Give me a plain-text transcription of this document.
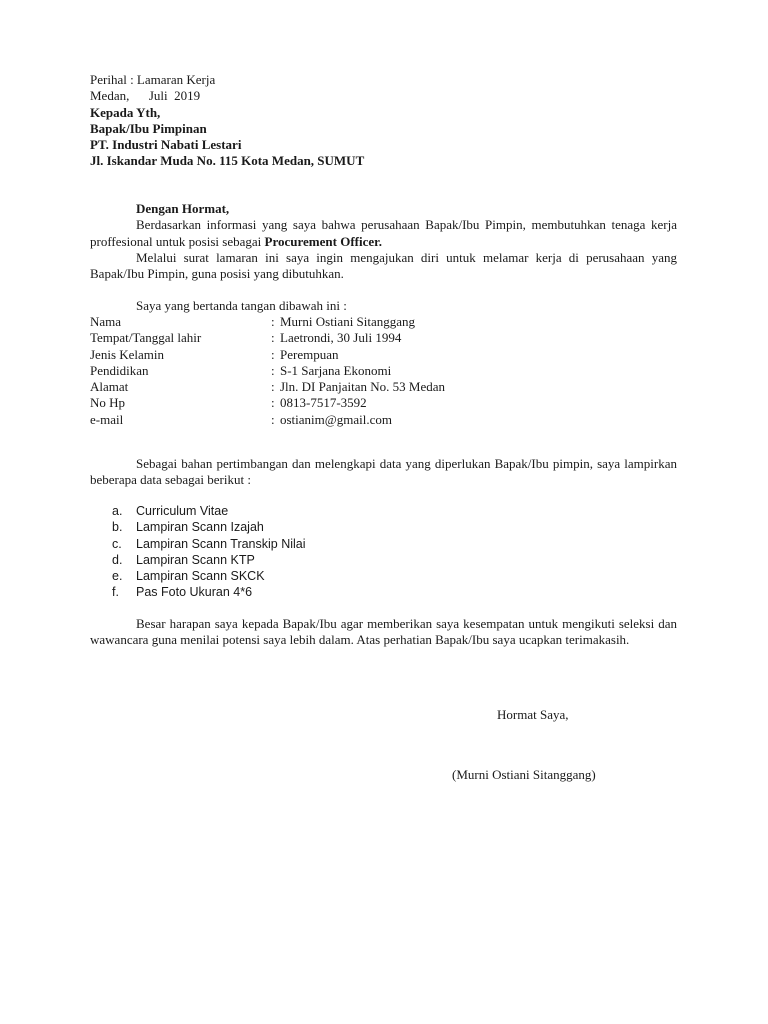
Perihal : Lamaran Kerja
Medan,      Juli  2019
Kepada Yth,
Bapak/Ibu Pimpinan
PT. Industri Nabati Lestari
Jl. Iskandar Muda No. 115 Kota Medan, SUMUT
Dengan Hormat,
Berdasarkan informasi yang saya bahwa perusahaan Bapak/Ibu Pimpin, membutuhkan tenaga kerja proffesional untuk posisi sebagai Procurement Officer.
Melalui surat lamaran ini saya ingin mengajukan diri untuk melamar kerja di perusahaan yang Bapak/Ibu Pimpin, guna posisi yang dibutuhkan.
Saya yang bertanda tangan dibawah ini :
Nama	: Murni Ostiani Sitanggang
Tempat/Tanggal lahir	: Laetrondi, 30 Juli 1994
Jenis Kelamin	: Perempuan
Pendidikan	: S-1 Sarjana Ekonomi
Alamat	: Jln. DI Panjaitan No. 53 Medan
No Hp	: 0813-7517-3592
e-mail	: ostianim@gmail.com
Sebagai bahan pertimbangan dan melengkapi data yang diperlukan Bapak/Ibu pimpin, saya lampirkan beberapa data sebagai berikut :
a. Curriculum Vitae
b. Lampiran Scann Izajah
c. Lampiran Scann Transkip Nilai
d. Lampiran Scann KTP
e. Lampiran Scann SKCK
f. Pas Foto Ukuran 4*6
Besar harapan saya kepada Bapak/Ibu agar memberikan saya kesempatan untuk mengikuti seleksi dan wawancara guna menilai potensi saya lebih dalam. Atas perhatian Bapak/Ibu saya ucapkan terimakasih.
Hormat Saya,
(Murni Ostiani Sitanggang)
